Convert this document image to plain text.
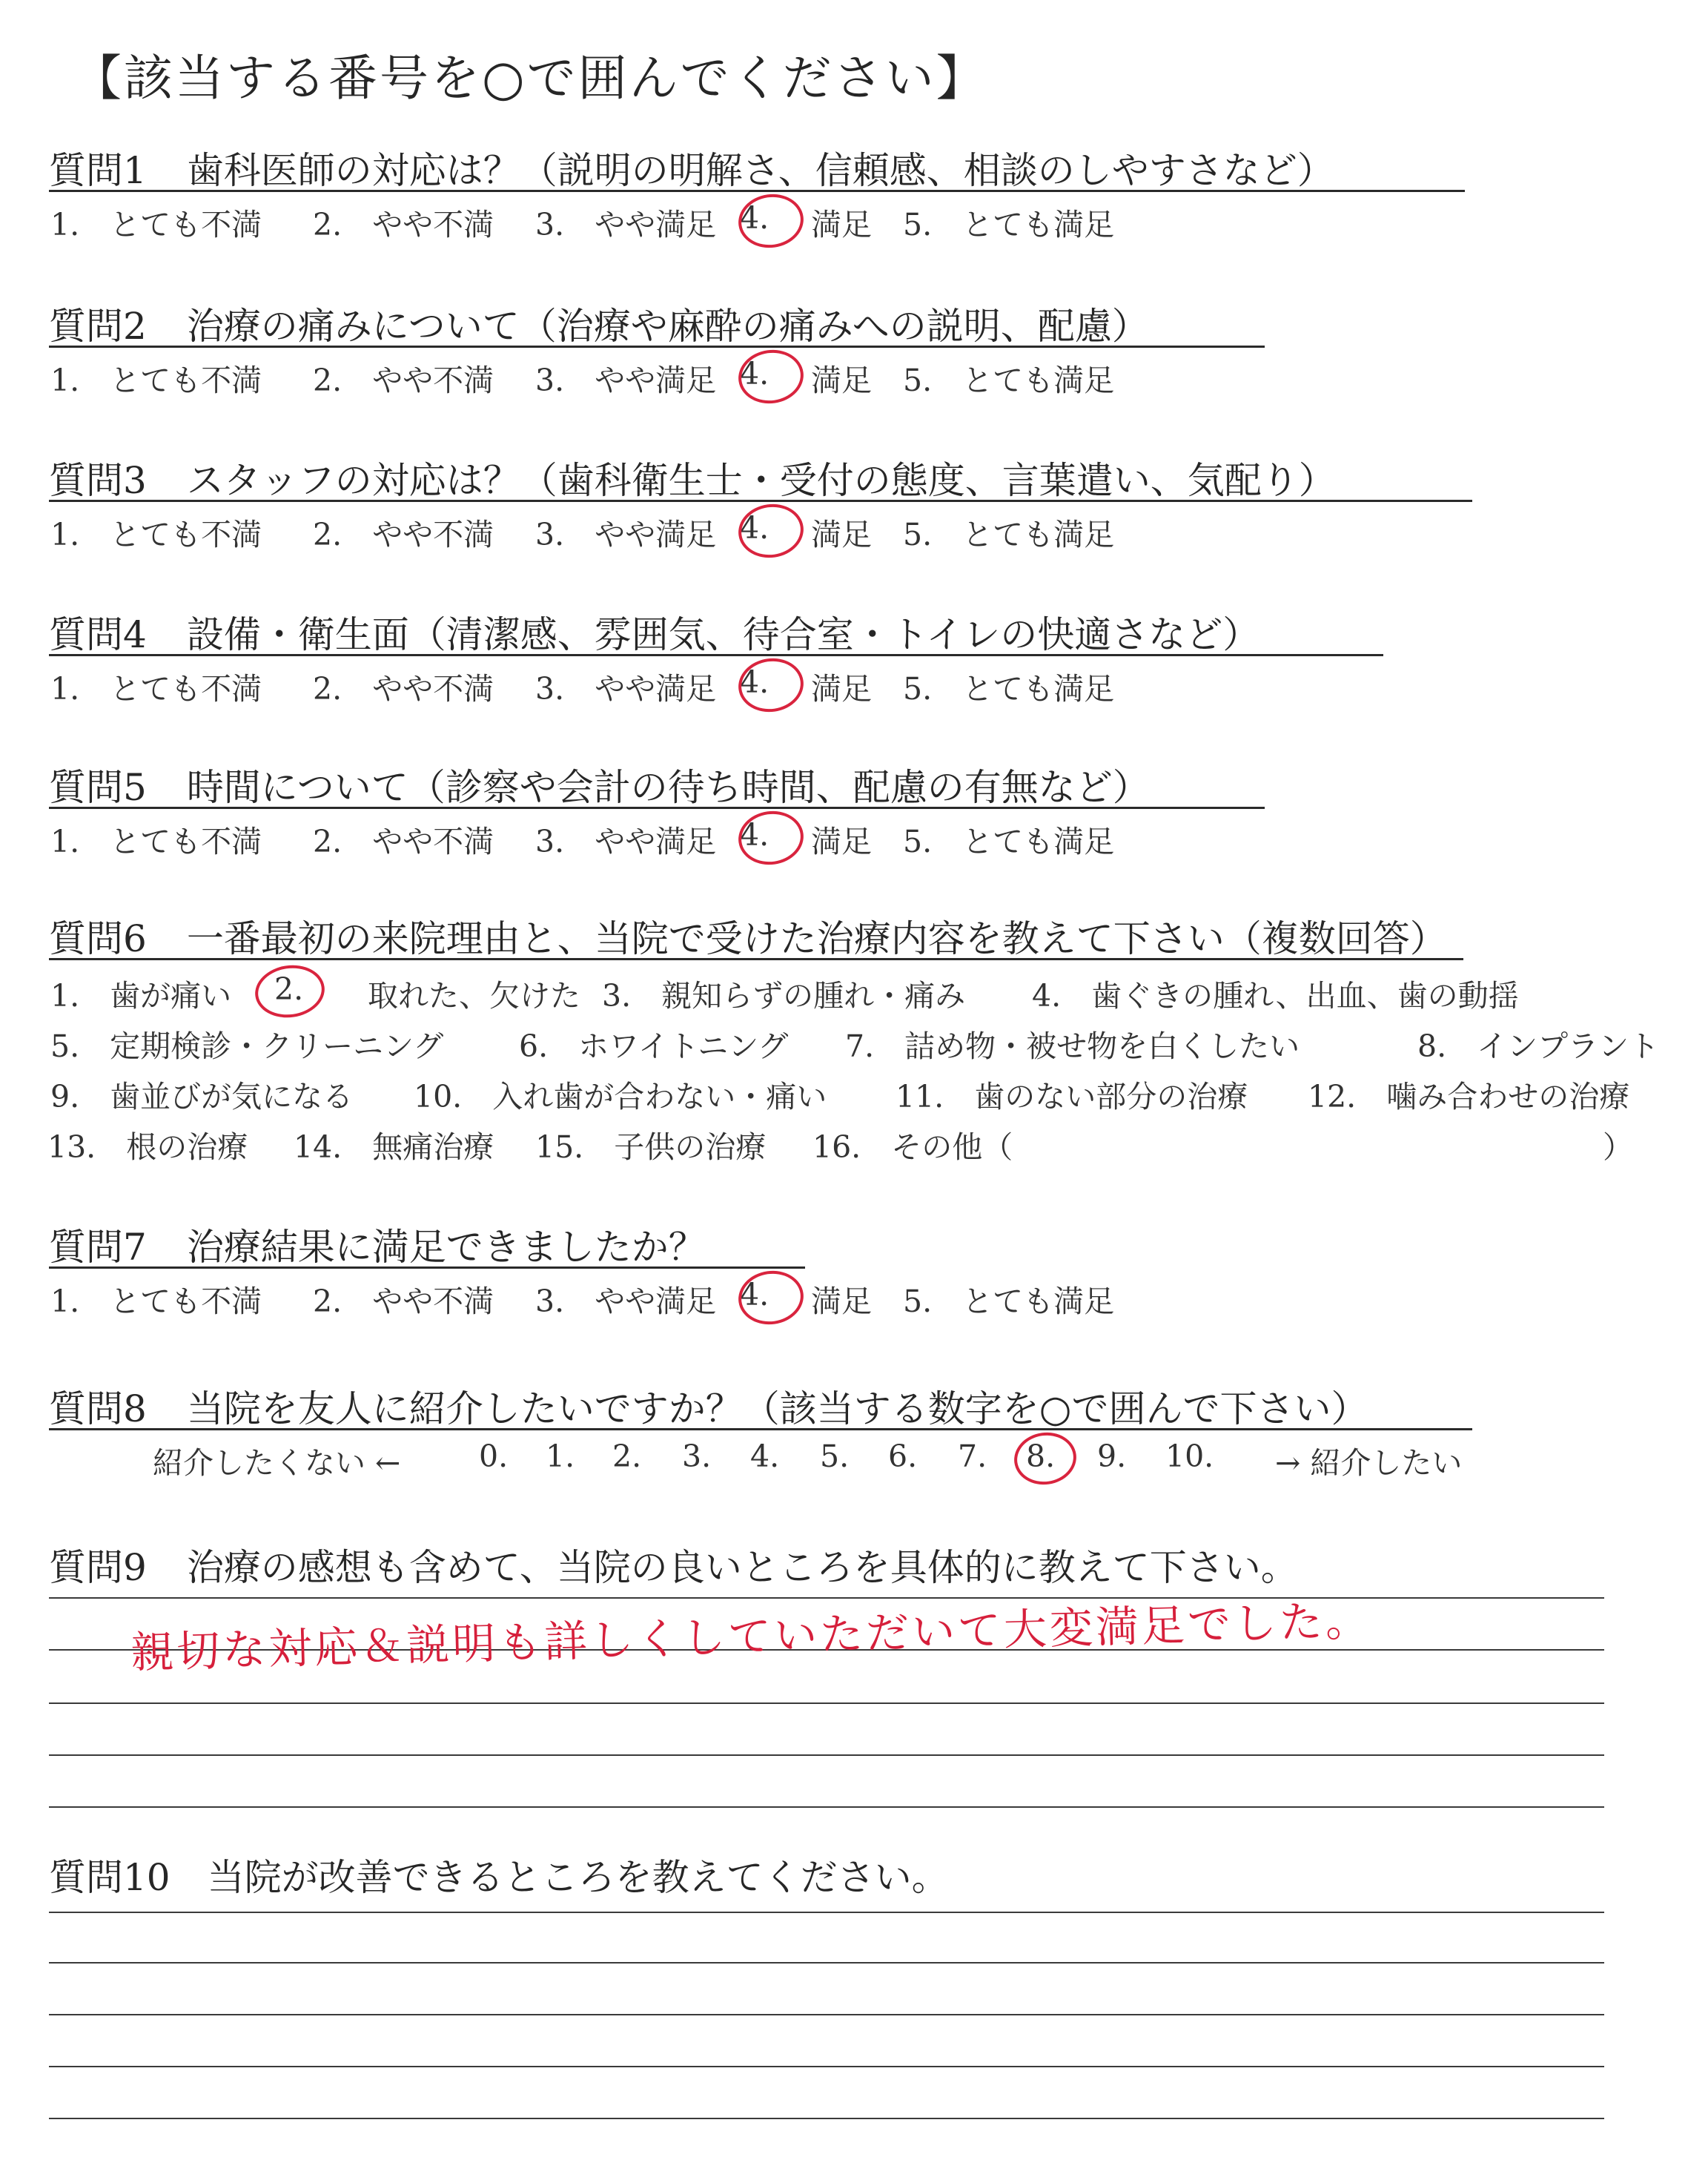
【該当する番号を○で囲んでください】
質問1 歯科医師の対応は？（説明の明解さ、信頼感、相談のしやすさなど）
1.　とても不満 2.　やや不満 3.　やや満足 4. 満足 5.　とても満足
質問2 治療の痛みについて（治療や麻酔の痛みへの説明、配慮）
1.　とても不満 2.　やや不満 3.　やや満足 4. 満足 5.　とても満足
質問3 スタッフの対応は？（歯科衛生士・受付の態度、言葉遣い、気配り）
1.　とても不満 2.　やや不満 3.　やや満足 4. 満足 5.　とても満足
質問4 設備・衛生面（清潔感、雰囲気、待合室・トイレの快適さなど）
1.　とても不満 2.　やや不満 3.　やや満足 4. 満足 5.　とても満足
質問5 時間について（診察や会計の待ち時間、配慮の有無など）
1.　とても不満 2.　やや不満 3.　やや満足 4. 満足 5.　とても満足
質問7 治療結果に満足できましたか？
1.　とても不満 2.　やや不満 3.　やや満足 4. 満足 5.　とても満足
質問6 一番最初の来院理由と、当院で受けた治療内容を教えて下さい（複数回答）
1.　歯が痛い 2. 取れた、欠けた 3.　親知らずの腫れ・痛み 4.　歯ぐきの腫れ、出血、歯の動揺
5.　定期検診・クリーニング 6.　ホワイトニング 7.　詰め物・被せ物を白くしたい	8.　インプラント
9.　歯並びが気になる 10.　入れ歯が合わない・痛い 11.　歯のない部分の治療 12.　噛み合わせの治療
13.　根の治療 14.　無痛治療 15.　子供の治療 16.　その他（	）
質問8 当院を友人に紹介したいですか？（該当する数字を○で囲んで下さい）
紹介したくない ←	0. 1. 2. 3. 4. 5. 6. 7. 8. 9. 10. → 紹介したい
質問9 治療の感想も含めて、当院の良いところを具体的に教えて下さい。
親切な対応＆説明も詳しくしていただいて大変満足でした。
質問10 当院が改善できるところを教えてください。
